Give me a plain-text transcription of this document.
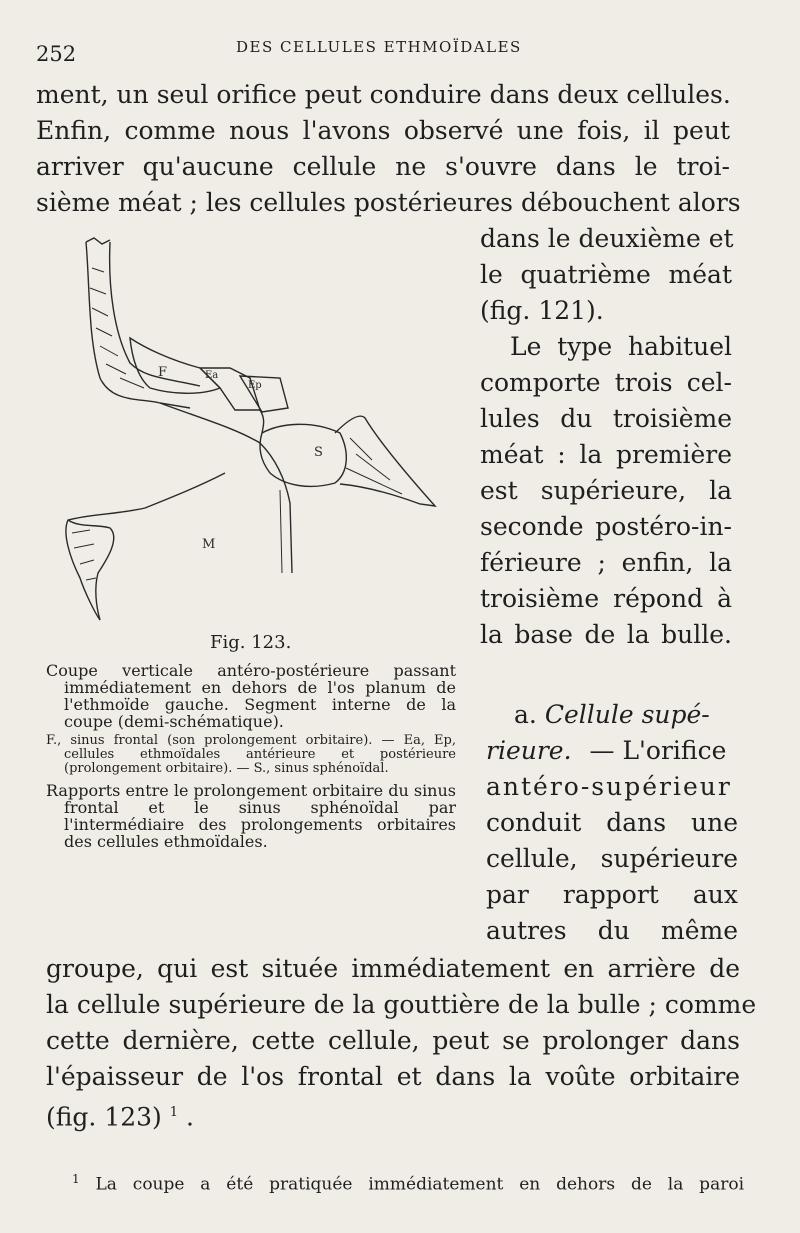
252	DES CELLULES ETHMOÏDALES
ment, un seul orifice peut conduire dans deux cellules.
Enfin, comme nous l'avons observé une fois, il peut
arriver qu'aucune cellule ne s'ouvre dans le troi-
sième méat ; les cellules postérieures débouchent alors
dans le deuxième et
le quatrième méat
(fig. 121).
Le type habituel
comporte trois cel-
lules du troisième
méat : la première
est supérieure, la
seconde postéro-in-
férieure ; enfin, la
troisième répond à
la base de la bulle.
a. Cellule supé-
rieure. — L'orifice
antéro-supérieur
conduit dans une
cellule, supérieure
par rapport aux
autres du même
groupe, qui est située immédiatement en arrière de
la cellule supérieure de la gouttière de la bulle ; comme
cette dernière, cette cellule, peut se prolonger dans
l'épaisseur de l'os frontal et dans la voûte orbitaire
(fig. 123) $^1$ .
F	Ea
Ep
S
M
Fig. 123.

Coupe verticale antéro-postérieure passant immédiatement en dehors de l'os planum de l'ethmoïde gauche. Segment interne de la coupe (demi-schématique).

F., sinus frontal (son prolongement orbitaire). — Ea, Ep, cellules ethmoïdales antérieure et postérieure (prolongement orbitaire). — S., sinus sphénoïdal.

Rapports entre le prolongement orbitaire du sinus frontal et le sinus sphénoïdal par l'intermédiaire des prolongements orbitaires des cellules ethmoïdales.

$^1$ La coupe a été pratiquée immédiatement en dehors de la paroi
